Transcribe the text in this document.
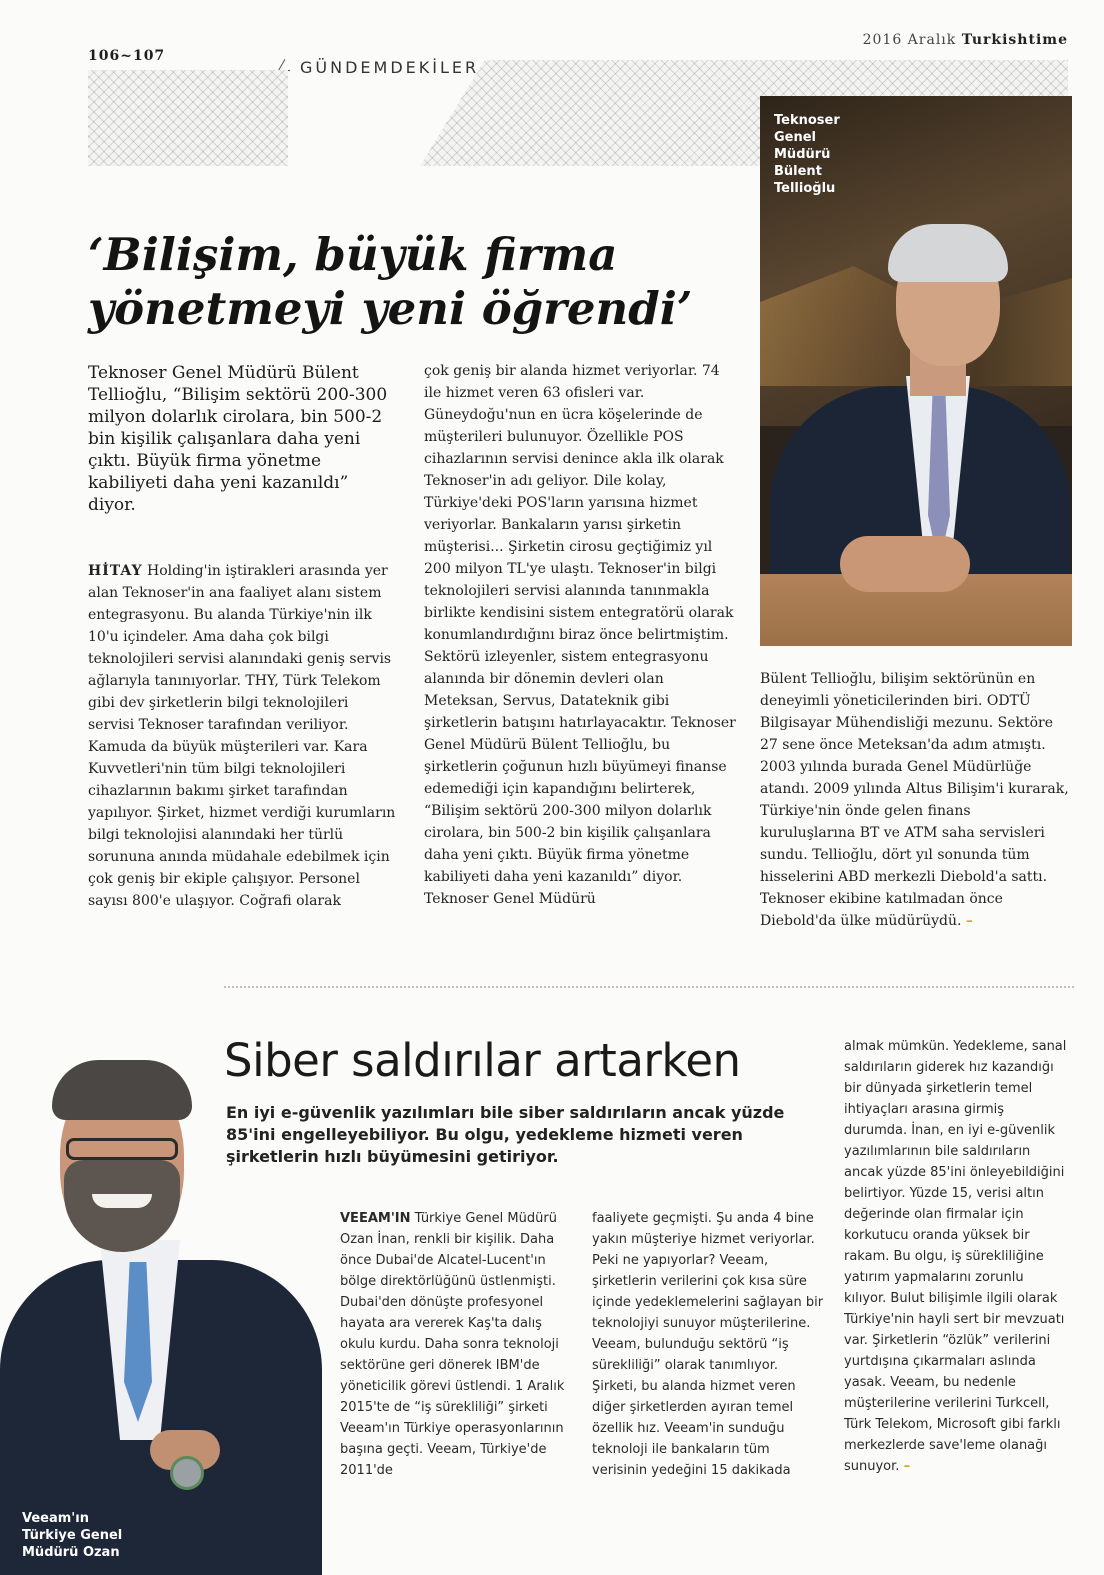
106~107
GÜNDEMDEKİLER
2016 Aralık Turkishtime
Teknoser
Genel
Müdürü
Bülent
Tellioğlu
‘Bilişim, büyük firma
yönetmeyi yeni öğrendi’
Teknoser Genel Müdürü Bülent Tellioğlu, “Bilişim sektörü 200-300 milyon dolarlık cirolara, bin 500-2 bin kişilik çalışanlara daha yeni çıktı. Büyük firma yönetme kabiliyeti daha yeni kazanıldı” diyor.
HİTAY Holding'in iştirakleri arasında yer alan Teknoser'in ana faaliyet alanı sistem entegrasyonu. Bu alanda Türkiye'nin ilk 10'u içindeler. Ama daha çok bilgi teknolojileri servisi alanındaki geniş servis ağlarıyla tanınıyorlar. THY, Türk Telekom gibi dev şirketlerin bilgi teknolojileri servisi Teknoser tarafından veriliyor. Kamuda da büyük müşterileri var. Kara Kuvvetleri'nin tüm bilgi teknolojileri cihazlarının bakımı şirket tarafından yapılıyor. Şirket, hizmet verdiği kurumların bilgi teknolojisi alanındaki her türlü sorununa anında müdahale edebilmek için çok geniş bir ekiple çalışıyor. Personel sayısı 800'e ulaşıyor. Coğrafi olarak
çok geniş bir alanda hizmet veriyorlar. 74 ile hizmet veren 63 ofisleri var. Güneydoğu'nun en ücra köşelerinde de müşterileri bulunuyor. Özellikle POS cihazlarının servisi denince akla ilk olarak Teknoser'in adı geliyor. Dile kolay, Türkiye'deki POS'ların yarısına hizmet veriyorlar. Bankaların yarısı şirketin müşterisi... Şirketin cirosu geçtiğimiz yıl 200 milyon TL'ye ulaştı. Teknoser'in bilgi teknolojileri servisi alanında tanınmakla birlikte kendisini sistem entegratörü olarak konumlandırdığını biraz önce belirtmiştim. Sektörü izleyenler, sistem entegrasyonu alanında bir dönemin devleri olan Meteksan, Servus, Datateknik gibi şirketlerin batışını hatırlayacaktır. Teknoser Genel Müdürü Bülent Tellioğlu, bu şirketlerin çoğunun hızlı büyümeyi finanse edemediği için kapandığını belirterek, “Bilişim sektörü 200-300 milyon dolarlık cirolara, bin 500-2 bin kişilik çalışanlara daha yeni çıktı. Büyük firma yönetme kabiliyeti daha yeni kazanıldı” diyor. Teknoser Genel Müdürü
Bülent Tellioğlu, bilişim sektörünün en deneyimli yöneticilerinden biri. ODTÜ Bilgisayar Mühendisliği mezunu. Sektöre 27 sene önce Meteksan'da adım atmıştı. 2003 yılında burada Genel Müdürlüğe atandı. 2009 yılında Altus Bilişim'i kurarak, Türkiye'nin önde gelen finans kuruluşlarına BT ve ATM saha servisleri sundu. Tellioğlu, dört yıl sonunda tüm hisselerini ABD merkezli Diebold'a sattı. Teknoser ekibine katılmadan önce Diebold'da ülke müdürüydü. –
Veeam'ın
Türkiye Genel
Müdürü Ozan
Siber saldırılar artarken
En iyi e-güvenlik yazılımları bile siber saldırıların ancak yüzde 85'ini engelleyebiliyor. Bu olgu, yedekleme hizmeti veren şirketlerin hızlı büyümesini getiriyor.
VEEAM'IN Türkiye Genel Müdürü Ozan İnan, renkli bir kişilik. Daha önce Dubai'de Alcatel-Lucent'ın bölge direktörlüğünü üstlenmişti. Dubai'den dönüşte profesyonel hayata ara vererek Kaş'ta dalış okulu kurdu. Daha sonra teknoloji sektörüne geri dönerek IBM'de yöneticilik görevi üstlendi. 1 Aralık 2015'te de “iş sürekliliği” şirketi Veeam'ın Türkiye operasyonlarının başına geçti. Veeam, Türkiye'de 2011'de
faaliyete geçmişti. Şu anda 4 bine yakın müşteriye hizmet veriyorlar. Peki ne yapıyorlar? Veeam, şirketlerin verilerini çok kısa süre içinde yedeklemelerini sağlayan bir teknolojiyi sunuyor müşterilerine. Veeam, bulunduğu sektörü “iş sürekliliği” olarak tanımlıyor. Şirketi, bu alanda hizmet veren diğer şirketlerden ayıran temel özellik hız. Veeam'in sunduğu teknoloji ile bankaların tüm verisinin yedeğini 15 dakikada
almak mümkün. Yedekleme, sanal saldırıların giderek hız kazandığı bir dünyada şirketlerin temel ihtiyaçları arasına girmiş durumda. İnan, en iyi e-güvenlik yazılımlarının bile saldırıların ancak yüzde 85'ini önleyebildiğini belirtiyor. Yüzde 15, verisi altın değerinde olan firmalar için korkutucu oranda yüksek bir rakam. Bu olgu, iş sürekliliğine yatırım yapmalarını zorunlu kılıyor. Bulut bilişimle ilgili olarak Türkiye'nin hayli sert bir mevzuatı var. Şirketlerin “özlük” verilerini yurtdışına çıkarmaları aslında yasak. Veeam, bu nedenle müşterilerine verilerini Turkcell, Türk Telekom, Microsoft gibi farklı merkezlerde save'leme olanağı sunuyor. –
